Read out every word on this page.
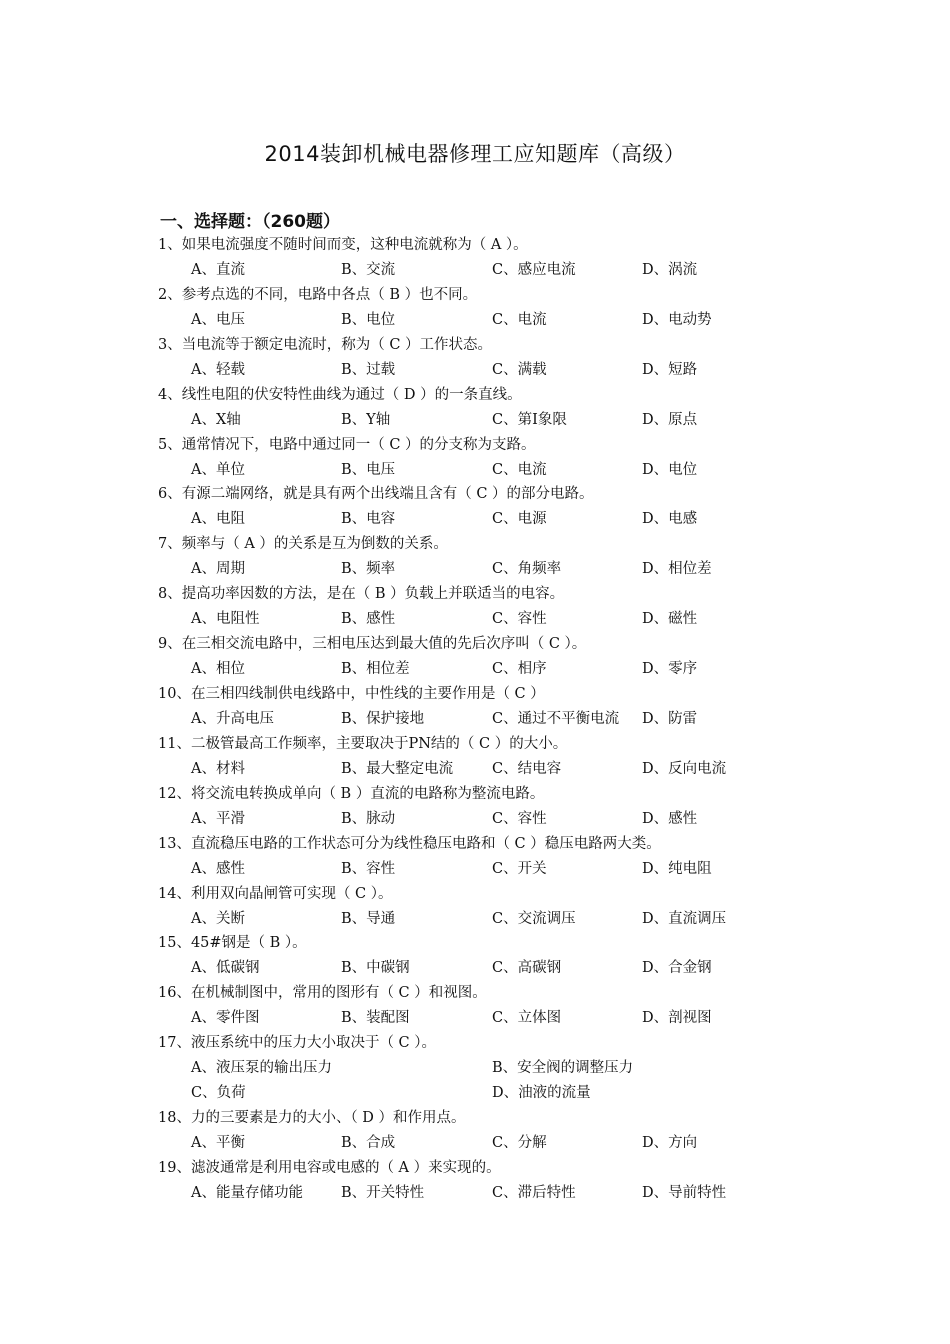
2014装卸机械电器修理工应知题库（高级）
一、选择题：（260题）
1、如果电流强度不随时间而变，这种电流就称为（ A ）。
A、直流	B、交流	C、感应电流	D、涡流
2、参考点选的不同，电路中各点（ B ）也不同。
A、电压	B、电位	C、电流	D、电动势
3、当电流等于额定电流时，称为（ C ）工作状态。
A、轻载	B、过载	C、满载	D、短路
4、线性电阻的伏安特性曲线为通过（ D ）的一条直线。
A、X轴	B、Y轴	C、第Ⅰ象限	D、原点
5、通常情况下，电路中通过同一（ C ）的分支称为支路。
A、单位	B、电压	C、电流	D、电位
6、有源二端网络，就是具有两个出线端且含有（ C ）的部分电路。
A、电阻	B、电容	C、电源	D、电感
7、频率与（ A ）的关系是互为倒数的关系。
A、周期	B、频率	C、角频率	D、相位差
8、提高功率因数的方法，是在（ B ）负载上并联适当的电容。
A、电阻性	B、感性	C、容性	D、磁性
9、在三相交流电路中，三相电压达到最大值的先后次序叫（ C ）。
A、相位	B、相位差	C、相序	D、零序
10、在三相四线制供电线路中，中性线的主要作用是（ C ）
A、升高电压	B、保护接地	C、通过不平衡电流 D、防雷
11、二极管最高工作频率，主要取决于PN结的（ C ）的大小。
A、材料	B、最大整定电流	C、结电容	D、反向电流
12、将交流电转换成单向（ B ）直流的电路称为整流电路。
A、平滑	B、脉动	C、容性	D、感性
13、直流稳压电路的工作状态可分为线性稳压电路和（ C ）稳压电路两大类。
A、感性	B、容性	C、开关	D、纯电阻
14、利用双向晶闸管可实现（ C ）。
A、关断	B、导通	C、交流调压	D、直流调压
15、45#钢是（ B ）。
A、低碳钢	B、中碳钢	C、高碳钢	D、合金钢
16、在机械制图中，常用的图形有（ C ）和视图。
A、零件图	B、装配图	C、立体图	D、剖视图
17、液压系统中的压力大小取决于（ C ）。
A、液压泵的输出压力	B、安全阀的调整压力
C、负荷	D、油液的流量
18、力的三要素是力的大小、（ D ）和作用点。
A、平衡	B、合成	C、分解	D、方向
19、滤波通常是利用电容或电感的（ A ）来实现的。
A、能量存储功能	B、开关特性	C、滞后特性	D、导前特性
